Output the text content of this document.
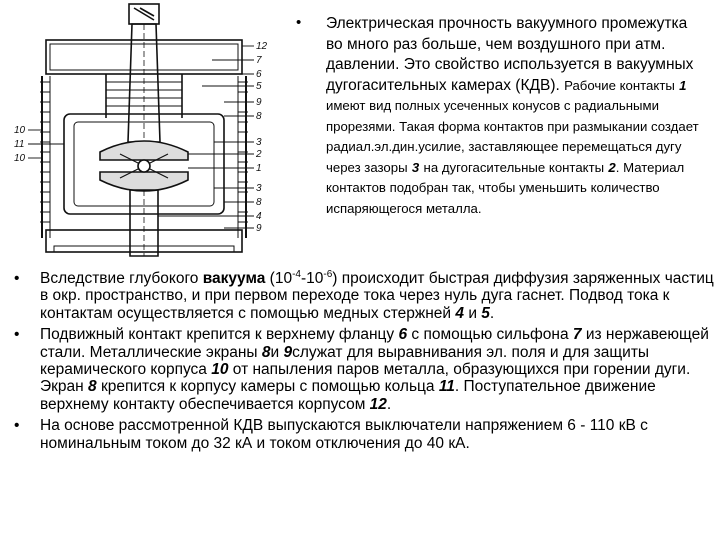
12
7
6
5
9
8
3
2
1
3
8
4
9
10
11
10
• Электрическая прочность вакуумного промежутка во много раз больше, чем воздушного при атм. давлении. Это свойство используется в вакуумных дугогасительных камерах (КДВ). Рабочие контакты 1 имеют вид полных усеченных конусов с радиальными прорезями. Такая форма контактов при размыкании создает радиал.эл.дин.усилие, заставляющее перемещаться дугу через зазоры 3 на дугогасительные контакты 2. Материал контактов подобран так, чтобы уменьшить количество испаряющегося металла.

• Вследствие глубокого вакуума $(10^{-4}-10^{-6})$ происходит быстрая диффузия заряженных частиц в окр. пространство, и при первом переходе тока через нуль дуга гаснет. Подвод тока к контактам осуществляется с помощью медных стержней 4 и 5.
• Подвижный контакт крепится к верхнему фланцу 6 с помощью сильфона 7 из нержавеющей стали. Металлические экраны 8и 9служат для выравнивания эл. поля и для защиты керамического корпуса 10 от напыления паров металла, образующихся при горении дуги. Экран 8 крепится к корпусу камеры с помощью кольца 11. Поступательное движение верхнему контакту обеспечивается корпусом 12.
• На основе рассмотренной КДВ выпускаются выключатели напряжением 6 - 110 кВ с номинальным током до 32 кА и током отключения до 40 кА.
